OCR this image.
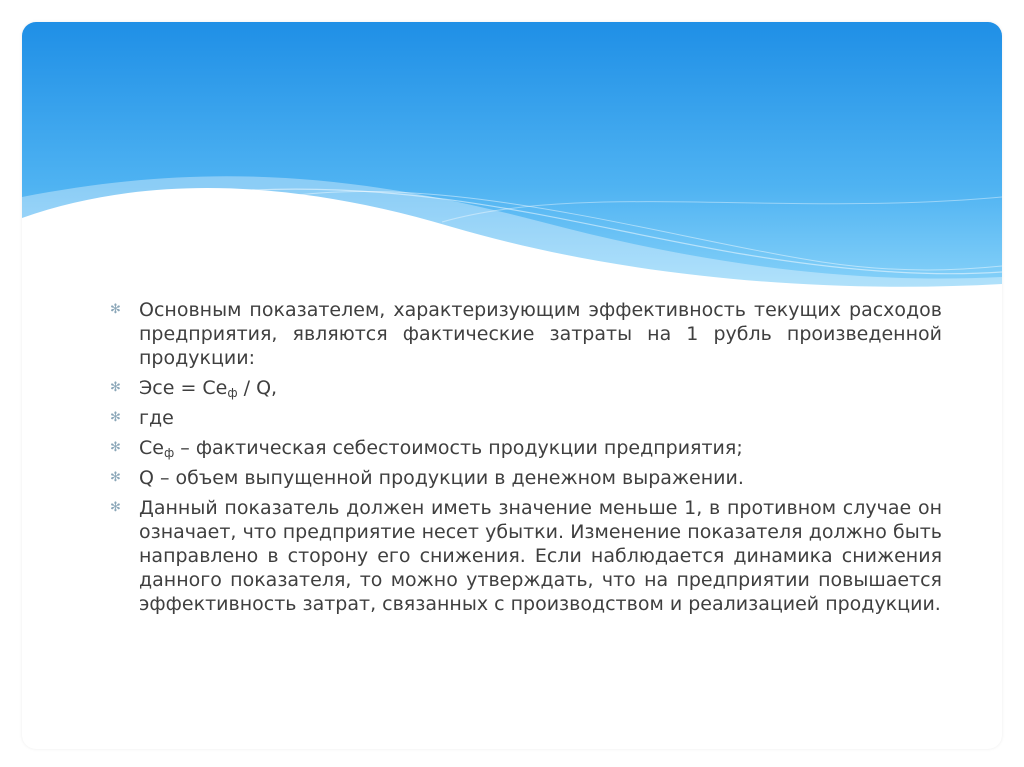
✻ Основным показателем, характеризующим эффективность текущих расходов предприятия, являются фактические затраты на 1 рубль произведенной продукции:
✻ Эсе = $Се_ф$ / Q,
✻ где
✻ $Се_ф$ – фактическая себестоимость продукции предприятия;
✻ Q – объем выпущенной продукции в денежном выражении.
✻ Данный показатель должен иметь значение меньше 1, в противном случае он означает, что предприятие несет убытки. Изменение показателя должно быть направлено в сторону его снижения. Если наблюдается динамика снижения данного показателя, то можно утверждать, что на предприятии повышается эффективность затрат, связанных с производством и реализацией продукции.
